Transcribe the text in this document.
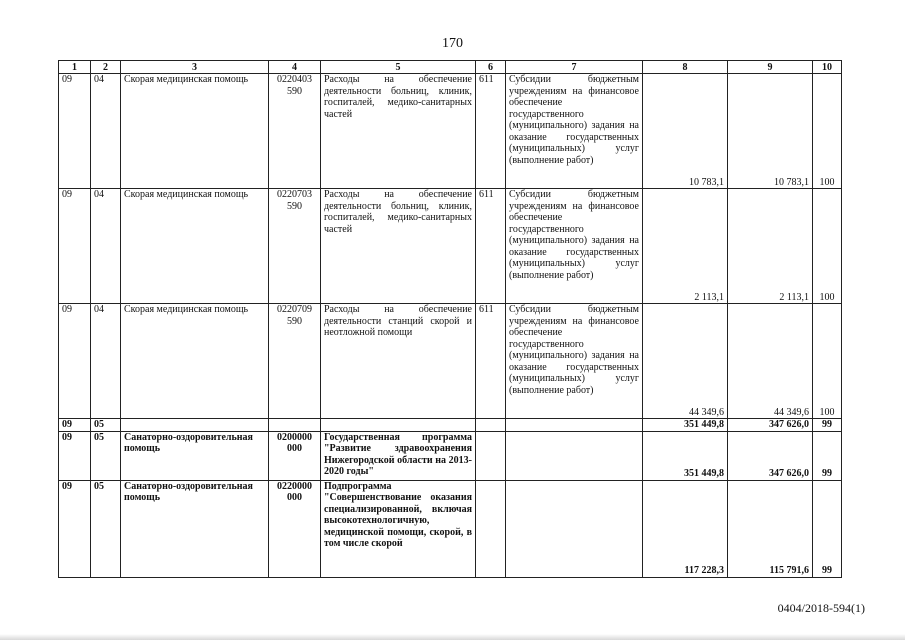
170
1	2	3	4	5	6	7	8	9	10
09	04	Скорая медицинская помощь	0220403 590	Расходы на обеспечение деятельности больниц, клиник, госпиталей, медико-санитарных частей	611	Субсидии бюджетным учреждениям на финансовое обеспечение государственного (муниципального) задания на оказание государственных (муниципальных) услуг (выполнение работ)	10 783,1	10 783,1	100
09	04	Скорая медицинская помощь	0220703 590	Расходы на обеспечение деятельности больниц, клиник, госпиталей, медико-санитарных частей	611	Субсидии бюджетным учреждениям на финансовое обеспечение государственного (муниципального) задания на оказание государственных (муниципальных) услуг (выполнение работ)	2 113,1	2 113,1	100
09	04	Скорая медицинская помощь	0220709 590	Расходы на обеспечение деятельности станций скорой и неотложной помощи	611	Субсидии бюджетным учреждениям на финансовое обеспечение государственного (муниципального) задания на оказание государственных (муниципальных) услуг (выполнение работ)	44 349,6	44 349,6	100
09	05						351 449,8	347 626,0	99
09	05	Санаторно-оздоровительная помощь	0200000 000	Государственная программа "Развитие здравоохранения Нижегородской области на 2013-2020 годы"			351 449,8	347 626,0	99
09	05	Санаторно-оздоровительная помощь	0220000 000	Подпрограмма "Совершенствование оказания специализированной, включая высокотехнологичную, медицинской помощи, скорой, в том числе скорой			117 228,3	115 791,6	99
0404/2018-594(1)
